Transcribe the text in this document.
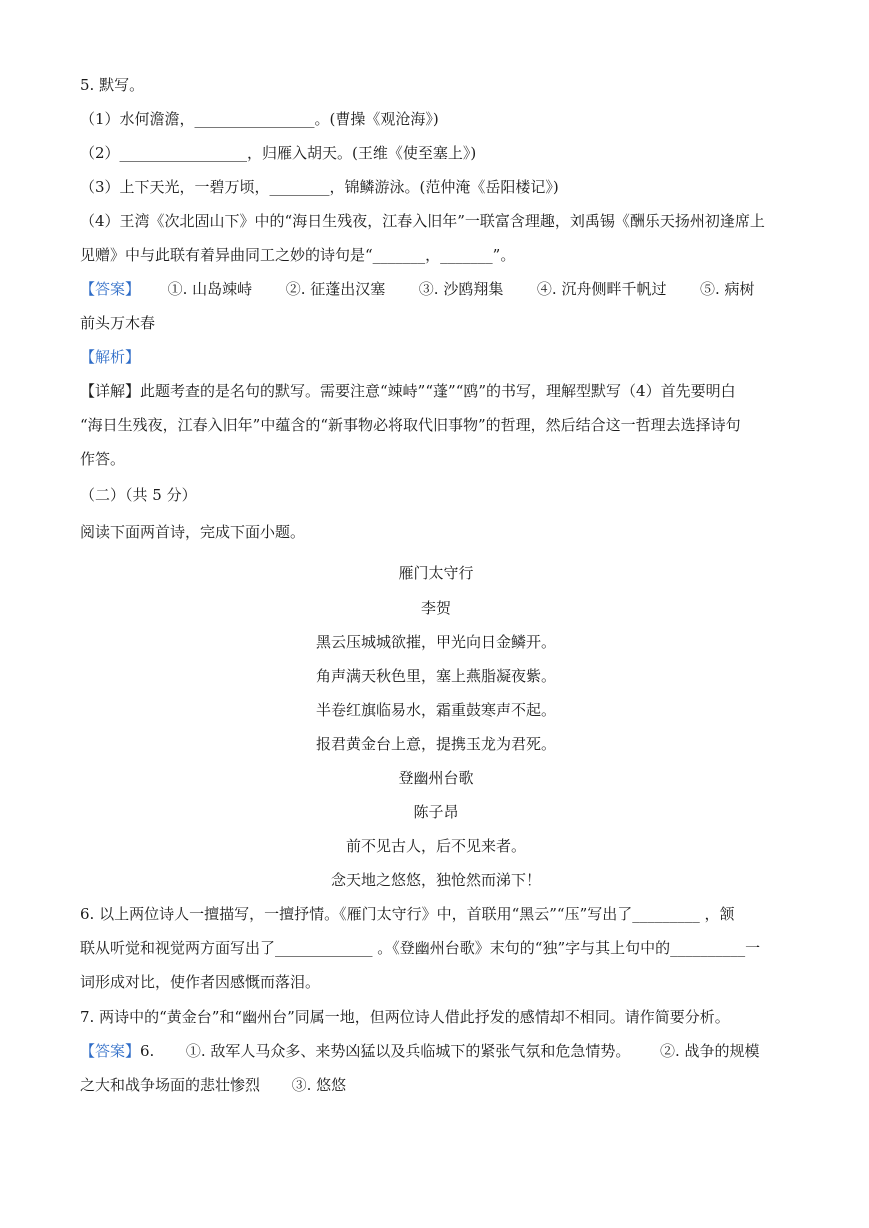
5. 默写。
（1）水何澹澹，________________。(曹操《观沧海》)
（2）_________________，归雁入胡天。(王维《使至塞上》)
（3）上下天光，一碧万顷，________，锦鳞游泳。(范仲淹《岳阳楼记》)
（4）王湾《次北固山下》中的“海日生残夜，江春入旧年”一联富含理趣，刘禹锡《酬乐天扬州初逢席上
见赠》中与此联有着异曲同工之妙的诗句是“_______，_______”。
【答案】 ①. 山岛竦峙 ②. 征蓬出汉塞 ③. 沙鸥翔集 ④. 沉舟侧畔千帆过 ⑤. 病树
前头万木春
【解析】
【详解】此题考查的是名句的默写。需要注意“竦峙”“蓬”“鸥”的书写，理解型默写（4）首先要明白
“海日生残夜，江春入旧年”中蕴含的“新事物必将取代旧事物”的哲理，然后结合这一哲理去选择诗句
作答。
（二）（共 5 分）
阅读下面两首诗，完成下面小题。
雁门太守行
李贺
黑云压城城欲摧，甲光向日金鳞开。
角声满天秋色里，塞上燕脂凝夜紫。
半卷红旗临易水，霜重鼓寒声不起。
报君黄金台上意，提携玉龙为君死。
登幽州台歌
陈子昂
前不见古人，后不见来者。
念天地之悠悠，独怆然而涕下！
6. 以上两位诗人一擅描写，一擅抒情。《雁门太守行》中，首联用“黑云”“压”写出了_________ ，颔
联从听觉和视觉两方面写出了_____________ 。《登幽州台歌》末句的“独”字与其上句中的__________一
词形成对比，使作者因感慨而落泪。
7. 两诗中的“黄金台”和“幽州台”同属一地，但两位诗人借此抒发的感情却不相同。请作简要分析。
【答案】6. ①. 敌军人马众多、来势凶猛以及兵临城下的紧张气氛和危急情势。 ②. 战争的规模
之大和战争场面的悲壮惨烈 ③. 悠悠
